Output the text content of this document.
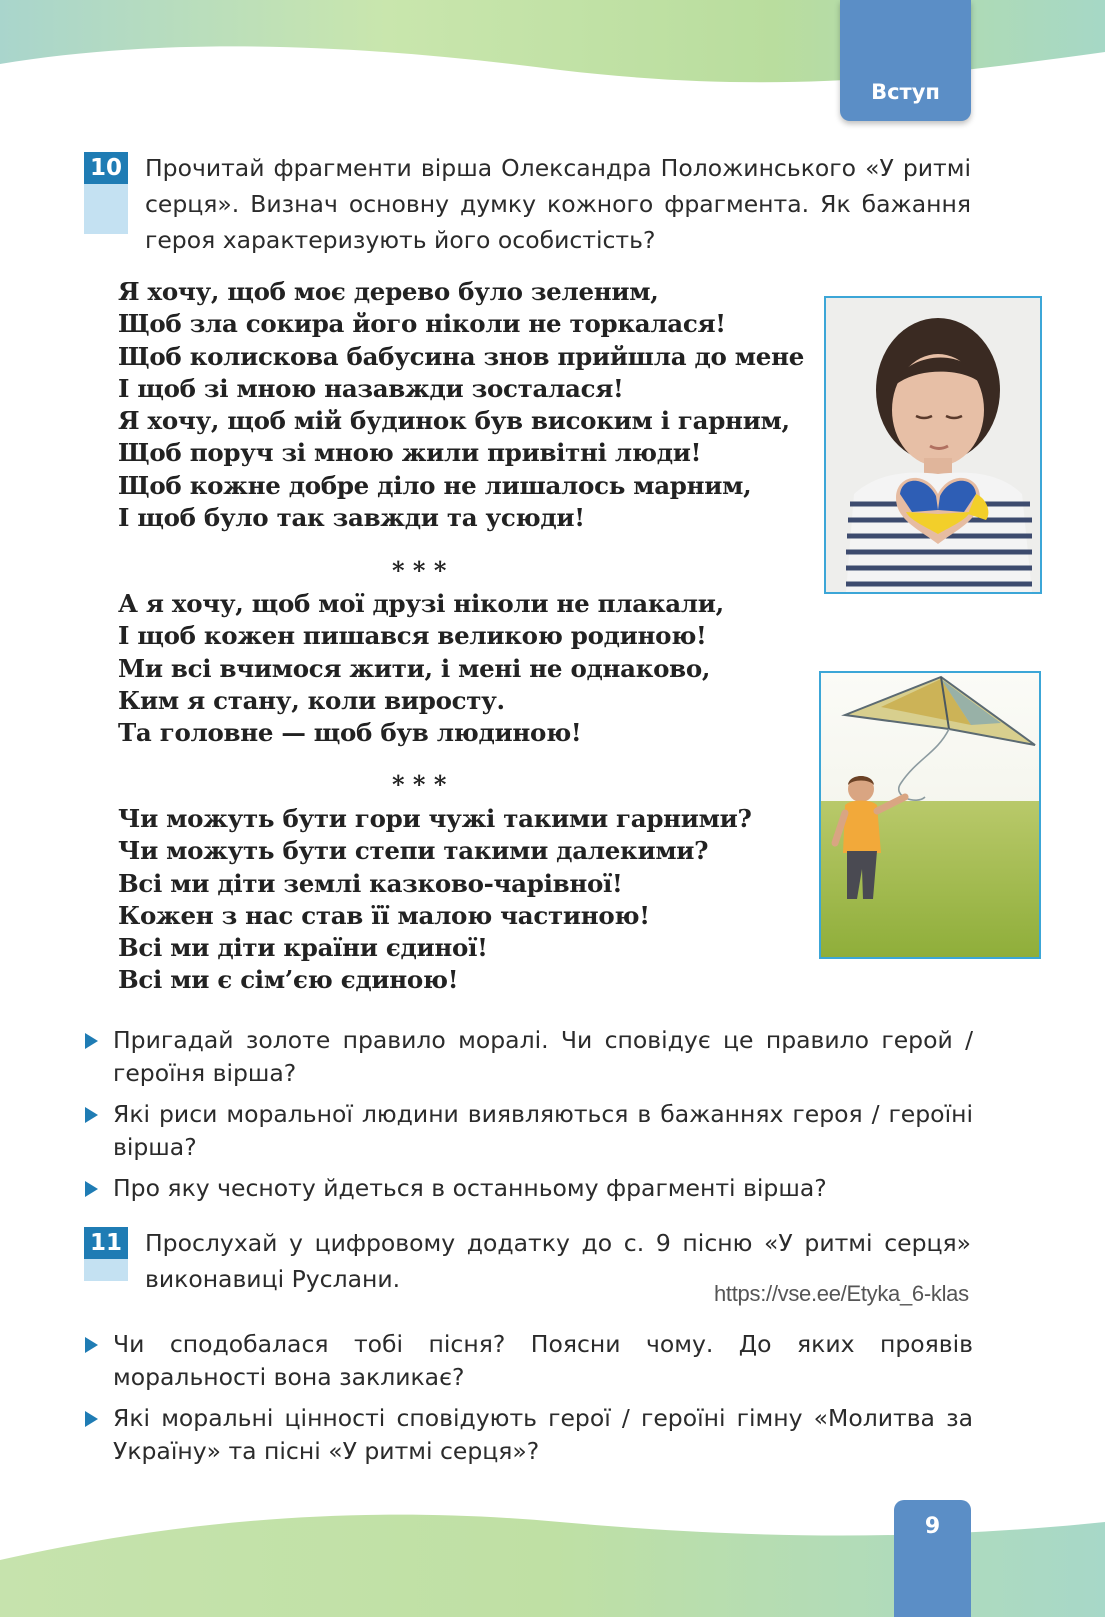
Вступ
10 Прочитай фрагменти вірша Олександра Положинського «У ритмі серця». Визнач основну думку кожного фрагмента. Як бажання героя характеризують його особистість?
Я хочу, щоб моє дерево було зеленим,
Щоб зла сокира його ніколи не торкалася!
Щоб колискова бабусина знов прийшла до мене
І щоб зі мною назавжди зосталася!
Я хочу, щоб мій будинок був високим і гарним,
Щоб поруч зі мною жили привітні люди!
Щоб кожне добре діло не лишалось марним,
І щоб було так завжди та усюди!
* * *
А я хочу, щоб мої друзі ніколи не плакали,
І щоб кожен пишався великою родиною!
Ми всі вчимося жити, і мені не однаково,
Ким я стану, коли виросту.
Та головне — щоб був людиною!
* * *
Чи можуть бути гори чужі такими гарними?
Чи можуть бути степи такими далекими?
Всі ми діти землі казково-чарівної!
Кожен з нас став її малою частиною!
Всі ми діти країни єдиної!
Всі ми є сім’єю єдиною!
Пригадай золоте правило моралі. Чи сповідує це правило герой / героїня вірша?
Які риси моральної людини виявляються в бажаннях героя / героїні вірша?
Про яку чесноту йдеться в останньому фрагменті вірша?
11 Прослухай у цифровому додатку до с. 9 пісню «У ритмі серця» виконавиці Руслани.
https://vse.ee/Etyka_6-klas
Чи сподобалася тобі пісня? Поясни чому. До яких проявів моральності вона закликає?
Які моральні цінності сповідують герої / героїні гімну «Молитва за Україну» та пісні «У ритмі серця»?
9
